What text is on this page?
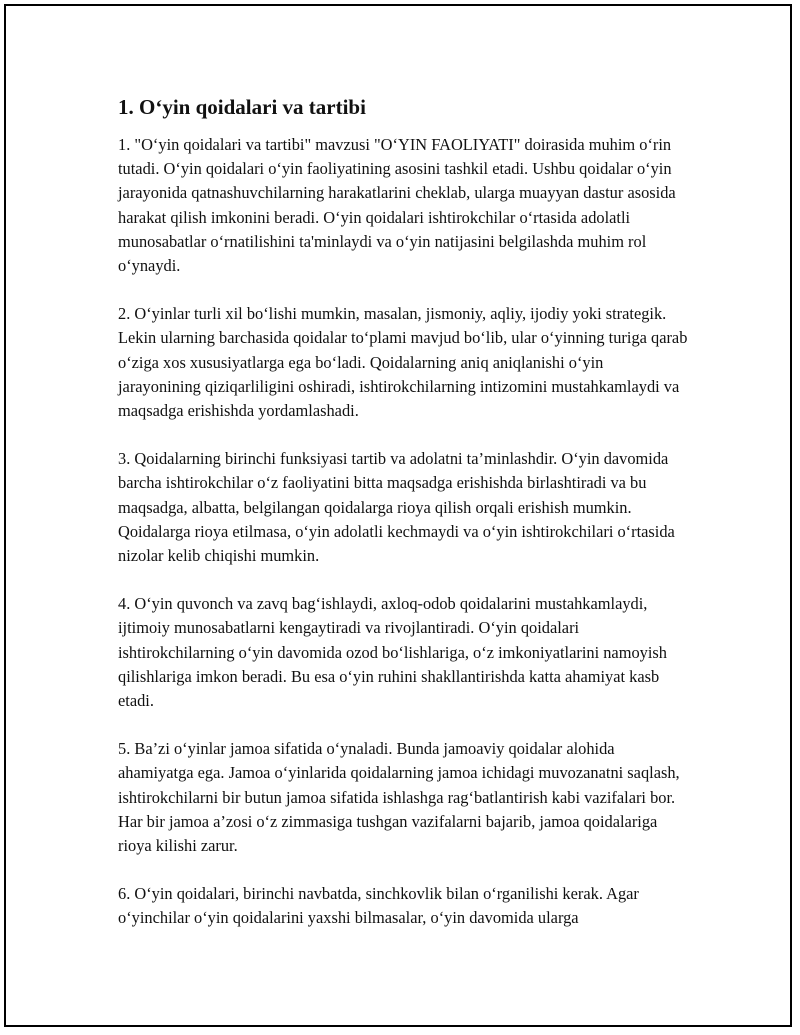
1. O‘yin qoidalari va tartibi

1. "O‘yin qoidalari va tartibi" mavzusi "O‘YIN FAOLIYATI" doirasida muhim o‘rin tutadi. O‘yin qoidalari o‘yin faoliyatining asosini tashkil etadi. Ushbu qoidalar o‘yin jarayonida qatnashuvchilarning harakatlarini cheklab, ularga muayyan dastur asosida harakat qilish imkonini beradi. O‘yin qoidalari ishtirokchilar o‘rtasida adolatli munosabatlar o‘rnatilishini ta'minlaydi va o‘yin natijasini belgilashda muhim rol o‘ynaydi.

2. O‘yinlar turli xil bo‘lishi mumkin, masalan, jismoniy, aqliy, ijodiy yoki strategik. Lekin ularning barchasida qoidalar to‘plami mavjud bo‘lib, ular o‘yinning turiga qarab o‘ziga xos xususiyatlarga ega bo‘ladi. Qoidalarning aniq aniqlanishi o‘yin jarayonining qiziqarliligini oshiradi, ishtirokchilarning intizomini mustahkamlaydi va maqsadga erishishda yordamlashadi.

3. Qoidalarning birinchi funksiyasi tartib va adolatni ta’minlashdir. O‘yin davomida barcha ishtirokchilar o‘z faoliyatini bitta maqsadga erishishda birlashtiradi va bu maqsadga, albatta, belgilangan qoidalarga rioya qilish orqali erishish mumkin. Qoidalarga rioya etilmasa, o‘yin adolatli kechmaydi va o‘yin ishtirokchilari o‘rtasida nizolar kelib chiqishi mumkin.

4. O‘yin quvonch va zavq bag‘ishlaydi, axloq-odob qoidalarini mustahkamlaydi, ijtimoiy munosabatlarni kengaytiradi va rivojlantiradi. O‘yin qoidalari ishtirokchilarning o‘yin davomida ozod bo‘lishlariga, o‘z imkoniyatlarini namoyish qilishlariga imkon beradi. Bu esa o‘yin ruhini shakllantirishda katta ahamiyat kasb etadi.

5. Ba’zi o‘yinlar jamoa sifatida o‘ynaladi. Bunda jamoaviy qoidalar alohida ahamiyatga ega. Jamoa o‘yinlarida qoidalarning jamoa ichidagi muvozanatni saqlash, ishtirokchilarni bir butun jamoa sifatida ishlashga rag‘batlantirish kabi vazifalari bor. Har bir jamoa a’zosi o‘z zimmasiga tushgan vazifalarni bajarib, jamoa qoidalariga rioya kilishi zarur.

6. O‘yin qoidalari, birinchi navbatda, sinchkovlik bilan o‘rganilishi kerak. Agar o‘yinchilar o‘yin qoidalarini yaxshi bilmasalar, o‘yin davomida ularga
